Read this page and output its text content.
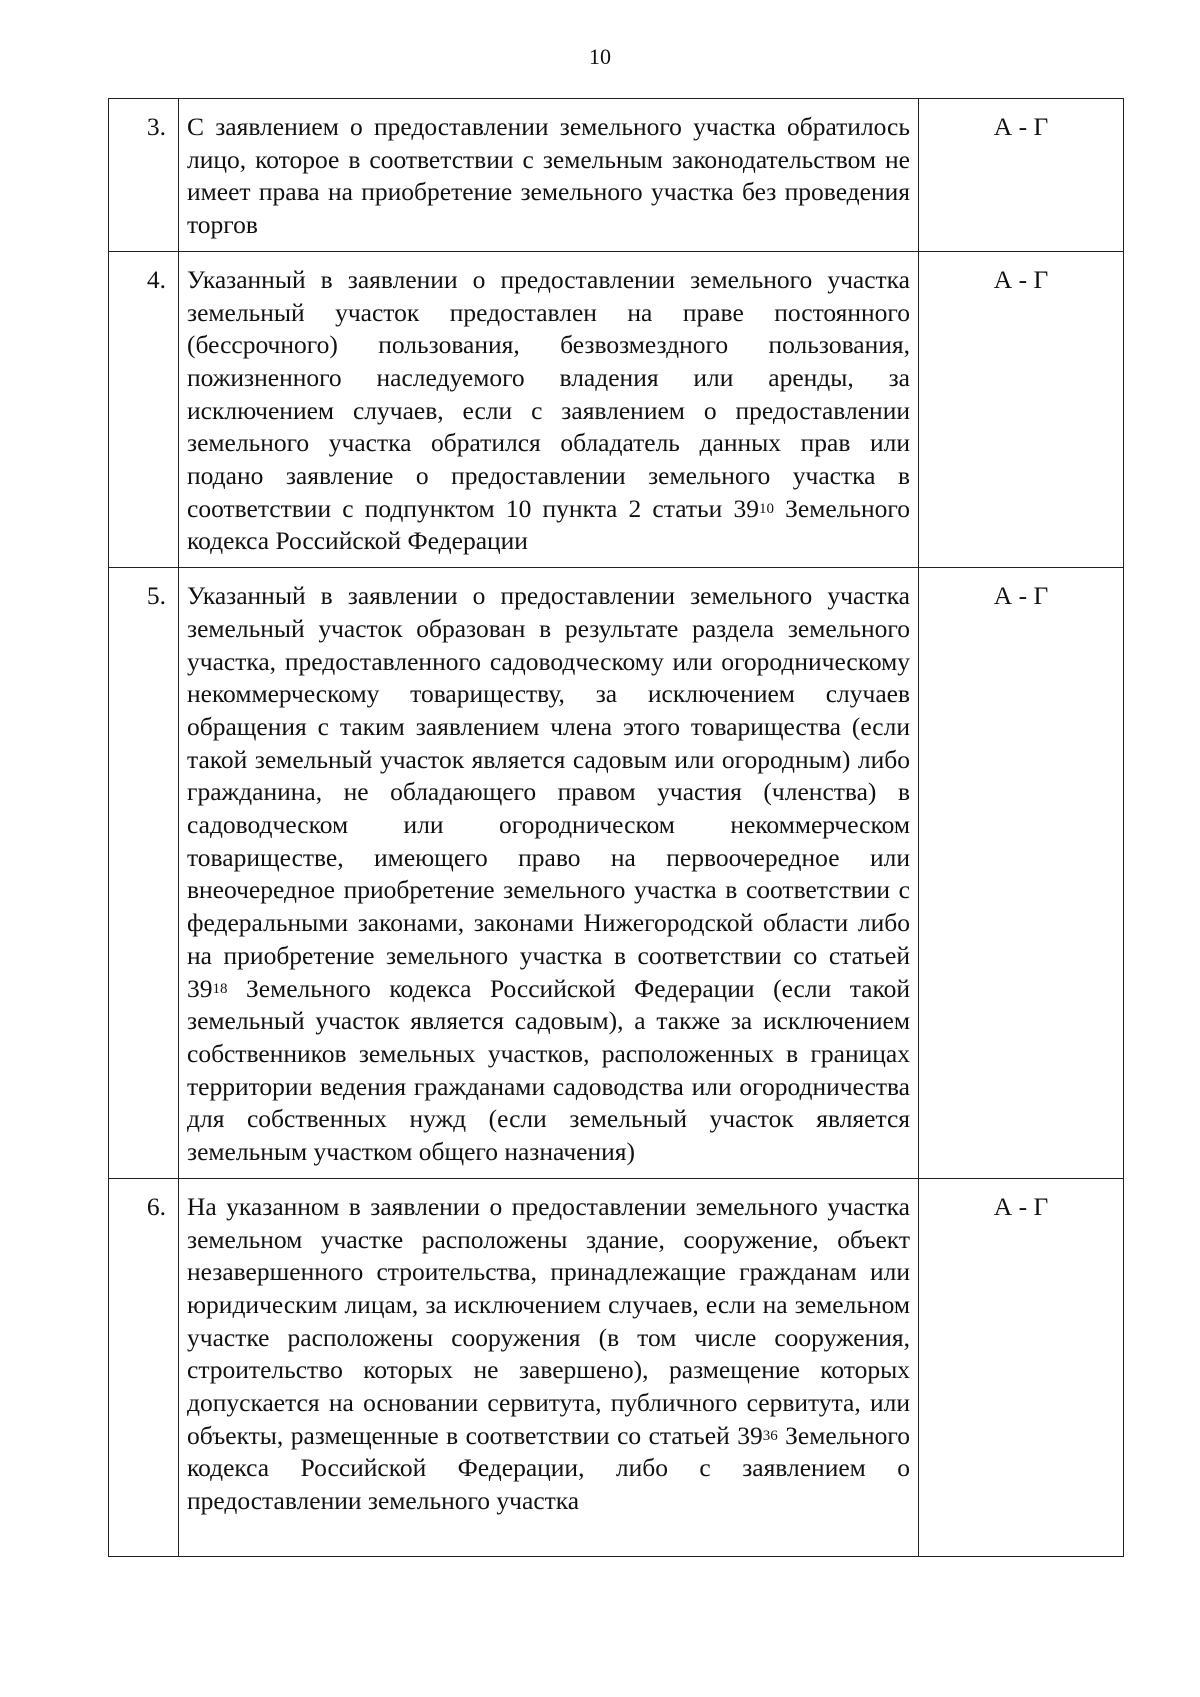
10
3.	С заявлением о предоставлении земельного участка обратилось лицо, которое в соответствии с земельным законодательством не имеет права на приобретение земельного участка без проведения торгов	А - Г
4.	Указанный в заявлении о предоставлении земельного участка земельный участок предоставлен на праве постоянного (бессрочного) пользования, безвозмездного пользования, пожизненного наследуемого владения или аренды, за исключением случаев, если с заявлением о предоставлении земельного участка обратился обладатель данных прав или подано заявление о предоставлении земельного участка в соответствии с подпунктом 10 пункта 2 статьи $39^{10}$ Земельного кодекса Российской Федерации	А - Г
5.	Указанный в заявлении о предоставлении земельного участка земельный участок образован в результате раздела земельного участка, предоставленного садоводческому или огородническому некоммерческому товариществу, за исключением случаев обращения с таким заявлением члена этого товарищества (если такой земельный участок является садовым или огородным) либо гражданина, не обладающего правом участия (членства) в садоводческом или огородническом некоммерческом товариществе, имеющего право на первоочередное или внеочередное приобретение земельного участка в соответствии с федеральными законами, законами Нижегородской области либо на приобретение земельного участка в соответствии со статьей $39^{18}$ Земельного кодекса Российской Федерации (если такой земельный участок является садовым), а также за исключением собственников земельных участков, расположенных в границах территории ведения гражданами садоводства или огородничества для собственных нужд (если земельный участок является земельным участком общего назначения)	А - Г
6.	На указанном в заявлении о предоставлении земельного участка земельном участке расположены здание, сооружение, объект незавершенного строительства, принадлежащие гражданам или юридическим лицам, за исключением случаев, если на земельном участке расположены сооружения (в том числе сооружения, строительство которых не завершено), размещение которых допускается на основании сервитута, публичного сервитута, или объекты, размещенные в соответствии со статьей $39^{36}$ Земельного кодекса Российской Федерации, либо с заявлением о предоставлении земельного участка	А - Г
